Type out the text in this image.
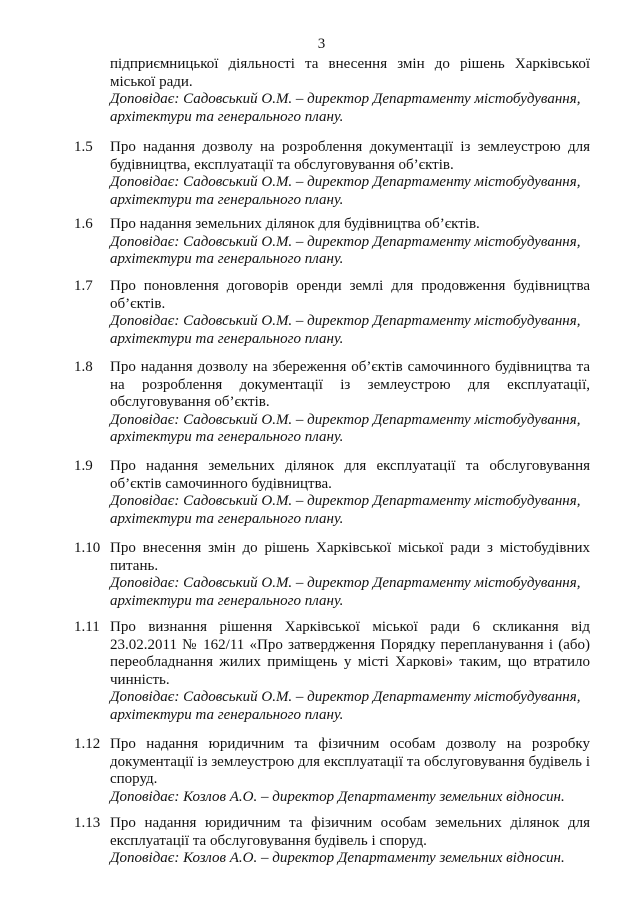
3
підприємницької діяльності та внесення змін до рішень Харківської міської ради.
Доповідає: Садовський О.М. – директор Департаменту містобудування, архітектури та генерального плану.
1.5	Про надання дозволу на розроблення документації із землеустрою для будівництва, експлуатації та обслуговування об’єктів.
Доповідає: Садовський О.М. – директор Департаменту містобудування, архітектури та генерального плану.
1.6	Про надання земельних ділянок для будівництва об’єктів.
Доповідає: Садовський О.М. – директор Департаменту містобудування, архітектури та генерального плану.
1.7	Про поновлення договорів оренди землі для продовження будівництва об’єктів.
Доповідає: Садовський О.М. – директор Департаменту містобудування, архітектури та генерального плану.
1.8	Про надання дозволу на збереження об’єктів самочинного будівництва та на розроблення документації із землеустрою для експлуатації, обслуговування об’єктів.
Доповідає: Садовський О.М. – директор Департаменту містобудування, архітектури та генерального плану.
1.9	Про надання земельних ділянок для експлуатації та обслуговування об’єктів самочинного будівництва.
Доповідає: Садовський О.М. – директор Департаменту містобудування, архітектури та генерального плану.
1.10 Про внесення змін до рішень Харківської міської ради з містобудівних питань.
Доповідає: Садовський О.М. – директор Департаменту містобудування, архітектури та генерального плану.
1.11 Про визнання рішення Харківської міської ради 6 скликання від 23.02.2011 № 162/11 «Про затвердження Порядку перепланування і (або) переобладнання жилих приміщень у місті Харкові» таким, що втратило чинність.
Доповідає: Садовський О.М. – директор Департаменту містобудування, архітектури та генерального плану.
1.12 Про надання юридичним та фізичним особам дозволу на розробку документації із землеустрою для експлуатації та обслуговування будівель і споруд.
Доповідає: Козлов А.О. – директор Департаменту земельних відносин.
1.13 Про надання юридичним та фізичним особам земельних ділянок для експлуатації та обслуговування будівель і споруд.
Доповідає: Козлов А.О. – директор Департаменту земельних відносин.
